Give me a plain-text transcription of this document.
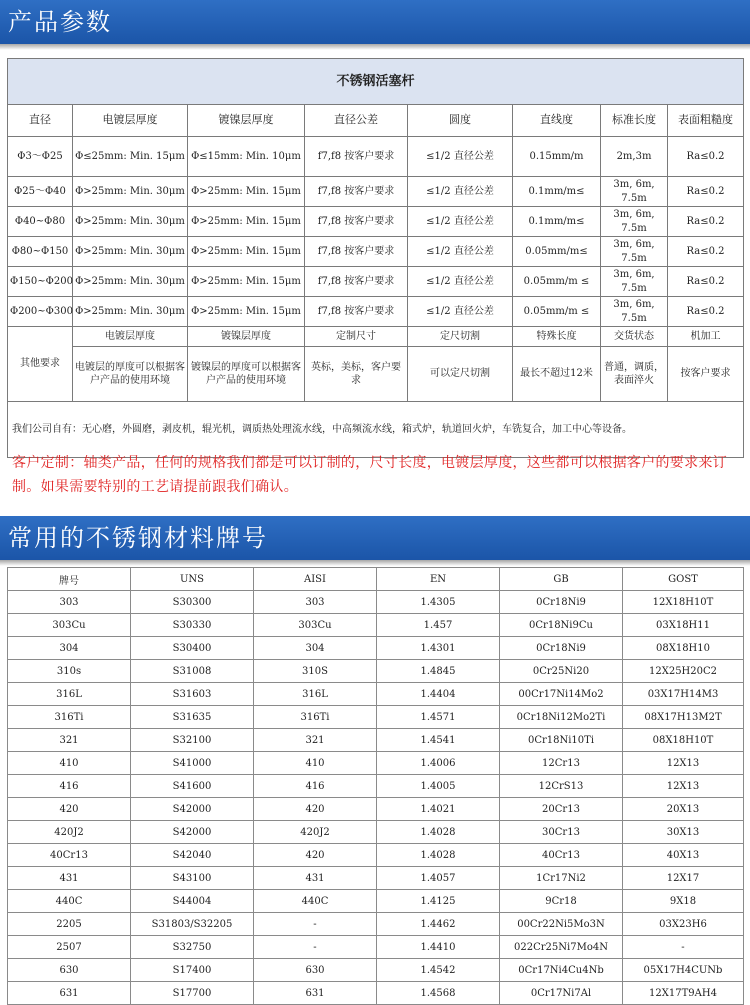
产品参数
不锈钢活塞杆							
直径	电镀层厚度	镀镍层厚度	直径公差	圆度	直线度	标准长度	表面粗糙度
Φ3～Φ25	Φ≤25mm: Min. 15μm	Φ≤15mm: Min. 10μm	f7,f8 按客户要求	≤1/2 直径公差	0.15mm/m	2m,3m	Ra≤0.2
Φ25～Φ40	Φ>25mm: Min. 30μm	Φ>25mm: Min. 15μm	f7,f8 按客户要求	≤1/2 直径公差	0.1mm/m≤	3m, 6m, 7.5m	Ra≤0.2
Φ40~Φ80	Φ>25mm: Min. 30μm	Φ>25mm: Min. 15μm	f7,f8 按客户要求	≤1/2 直径公差	0.1mm/m≤	3m, 6m, 7.5m	Ra≤0.2
Φ80~Φ150	Φ>25mm: Min. 30μm	Φ>25mm: Min. 15μm	f7,f8 按客户要求	≤1/2 直径公差	0.05mm/m≤	3m, 6m, 7.5m	Ra≤0.2
Φ150~Φ200	Φ>25mm: Min. 30μm	Φ>25mm: Min. 15μm	f7,f8 按客户要求	≤1/2 直径公差	0.05mm/m ≤	3m, 6m, 7.5m	Ra≤0.2
Φ200~Φ300	Φ>25mm: Min. 30μm	Φ>25mm: Min. 15μm	f7,f8 按客户要求	≤1/2 直径公差	0.05mm/m ≤	3m, 6m, 7.5m	Ra≤0.2
其他要求	电镀层厚度	镀镍层厚度	定制尺寸	定尺切割	特殊长度	交货状态	机加工
	电镀层的厚度可以根据客户产品的使用环境	镀镍层的厚度可以根据客户产品的使用环境	英标，美标，客户要求	可以定尺切割	最长不超过12米	普通，调质，表面淬火	按客户要求
我们公司自有：无心磨，外圆磨，剥皮机，辊光机，调质热处理流水线，中高频流水线，箱式炉，轨道回火炉，车铣复合，加工中心等设备。							
客户定制：轴类产品，任何的规格我们都是可以订制的，尺寸长度，电镀层厚度，这些都可以根据客户的要求来订制。如果需要特别的工艺请提前跟我们确认。
常用的不锈钢材料牌号
牌号	UNS	AISI	EN	GB	GOST
303	S30300	303	1.4305	0Cr18Ni9	12X18H10T
303Cu	S30330	303Cu	1.457	0Cr18Ni9Cu	03X18H11
304	S30400	304	1.4301	0Cr18Ni9	08X18H10
310s	S31008	310S	1.4845	0Cr25Ni20	12X25H20C2
316L	S31603	316L	1.4404	00Cr17Ni14Mo2	03X17H14M3
316Ti	S31635	316Ti	1.4571	0Cr18Ni12Mo2Ti	08X17H13M2T
321	S32100	321	1.4541	0Cr18Ni10Ti	08X18H10T
410	S41000	410	1.4006	12Cr13	12X13
416	S41600	416	1.4005	12CrS13	12X13
420	S42000	420	1.4021	20Cr13	20X13
420J2	S42000	420J2	1.4028	30Cr13	30X13
40Cr13	S42040	420	1.4028	40Cr13	40X13
431	S43100	431	1.4057	1Cr17Ni2	12X17
440C	S44004	440C	1.4125	9Cr18	9X18
2205	S31803/S32205	-	1.4462	00Cr22Ni5Mo3N	03X23H6
2507	S32750	-	1.4410	022Cr25Ni7Mo4N	-
630	S17400	630	1.4542	0Cr17Ni4Cu4Nb	05X17H4CUNb
631	S17700	631	1.4568	0Cr17Ni7Al	12X17T9AH4
